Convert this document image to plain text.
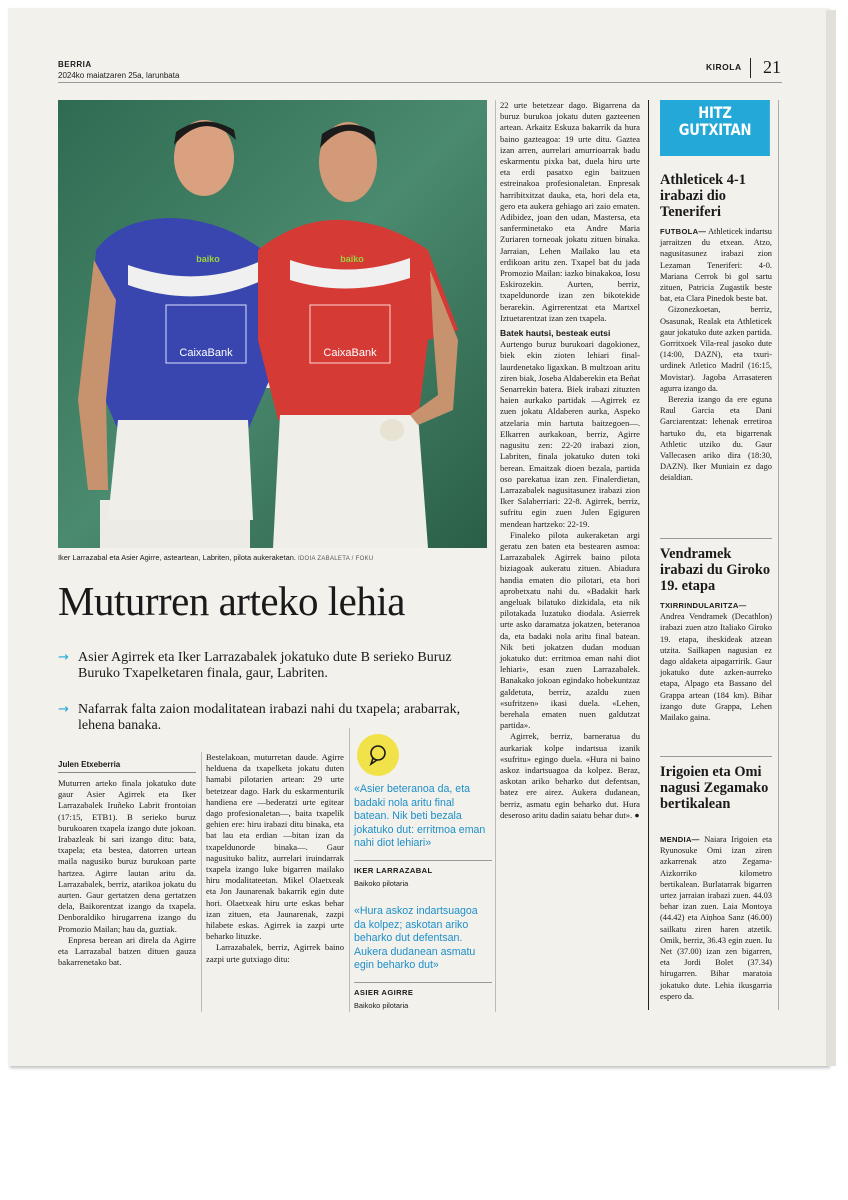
BERRIA
2024ko maiatzaren 25a, larunbata
KIROLA 21
CaixaBank
baiko
CaixaBank
baiko
Iker Larrazabal eta Asier Agirre, asteartean, Labriten, pilota aukeraketan. IDOIA ZABALETA / FOKU
Muturren arteko lehia
→ Asier Agirrek eta Iker Larrazabalek jokatuko dute B serieko Buruz Buruko Txapelketaren finala, gaur, Labriten.
→ Nafarrak falta zaion modalitatean irabazi nahi du txapela; arabarrak, lehena banaka.
Julen Etxeberria

Muturren arteko finala jokatuko dute gaur Asier Agirrek eta Iker Larrazabalek Iruñeko Labrit frontoian (17:15, ETB1). B serieko buruz burukoaren txapela izango dute jokoan. Irabazleak bi sari izango ditu: bata, txapela; eta bestea, datorren urtean maila nagusiko buruz burukoan parte hartzea. Agirre lautan aritu da. Larrazabalek, berriz, atarikoa jokatu du aurten. Gaur gertatzen dena gertatzen dela, Baikorentzat izango da txapela. Denboraldiko hirugarrena izango du Promozio Mailan; hau da, guztiak.

Enpresa berean ari direla da Agirre eta Larrazabal batzen dituen gauza bakarrenetako bat.

Bestelakoan, muturretan daude. Agirre helduena da txapelketa jokatu duten hamabi pilotarien artean: 29 urte betetzear dago. Hark du eskarmenturik handiena ere —bederatzi urte egitear dago profesionaletan—, baita txapelik gehien ere: hiru irabazi ditu binaka, eta bat lau eta erdian —bitan izan da txapeldunorde binaka—. Gaur nagusituko balitz, aurrelari iruindarrak txapela izango luke bigarren mailako hiru modalitateetan. Mikel Olaetxeak eta Jon Jaunarenak bakarrik egin dute hori. Olaetxeak hiru urte eskas behar izan zituen, eta Jaunarenak, zazpi hilabete eskas. Agirrek ia zazpi urte beharko lituzke.

Larrazabalek, berriz, Agirrek baino zazpi urte gutxiago ditu:

«Asier beteranoa da, eta badaki nola aritu final batean. Nik beti bezala jokatuko dut: erritmoa eman nahi diot lehiari»
IKER LARRAZABAL
Baikoko pilotaria
«Hura askoz indartsuagoa da kolpez; askotan ariko beharko dut defentsan. Aukera dudanean asmatu egin beharko dut»
ASIER AGIRRE
Baikoko pilotaria

22 urte betetzear dago. Bigarrena da buruz burukoa jokatu duten gazteenen artean. Arkaitz Eskuza bakarrik da hura baino gazteagoa: 19 urte ditu. Gaztea izan arren, aurrelari amurrioarrak badu eskarmentu pixka bat, duela hiru urte eta erdi pasatxo egin baitzuen estreinakoa profesionaletan. Enpresak harribitxitzat dauka, eta, hori dela eta, gero eta aukera gehiago ari zaio ematen. Adibidez, joan den udan, Mastersa, eta sanferminetako eta Andre Maria Zuriaren torneoak jokatu zituen binaka. Jarraian, Lehen Mailako lau eta erdikoan aritu zen. Txapel bat du jada Promozio Mailan: iazko binakakoa, Iosu Eskirozekin. Aurten, berriz, txapeldunorde izan zen bikotekide berarekin. Agirrerentzat eta Martxel Iztuetarentzat izan zen txapela.

Batek hautsi, besteak eutsi

Aurtengo buruz burukoari dagokionez, biek ekin zioten lehiari final-laurdenetako ligaxkan. B multzoan aritu ziren biak, Joseba Aldaberekin eta Beñat Senarrekin batera. Biek irabazi zituzten haien aurkako partidak —Agirrek ez zuen jokatu Aldaberen aurka, Aspeko atzelaria min hartuta baitzegoen—. Elkarren aurkakoan, berriz, Agirre nagusitu zen: 22-20 irabazi zion, Labriten, finala jokatuko duten toki berean. Emaitzak dioen bezala, partida oso parekatua izan zen. Finalerdietan, Larrazabalek nagusitasunez irabazi zion Iker Salaberriari: 22-8. Agirrek, berriz, sufritu egin zuen Julen Egiguren mendean hartzeko: 22-19.

Finaleko pilota aukeraketan argi geratu zen baten eta bestearen asmoa: Larrazabalek Agirrek baino pilota biziagoak aukeratu zituen. Abiadura handia ematen dio pilotari, eta hori aprobetxatu nahi du. «Badakit hark angeluak bilatuko dizkidala, eta nik pilotakada luzatuko diodala. Asierrek urte asko daramatza jokatzen, beteranoa da, eta badaki nola aritu final batean. Nik beti jokatzen dudan moduan jokatuko dut: erritmoa eman nahi diot lehiari», esan zuen Larrazabalek. Banakako jokoan egindako hobekuntzaz galdetuta, berriz, azaldu zuen «sufritzen» ikasi duela. «Lehen, berehala ematen nuen galdutzat partida».

Agirrek, berriz, barneratua du aurkariak kolpe indartsua izanik «sufritu» egingo duela. «Hura ni baino askoz indartsuagoa da kolpez. Beraz, askotan ariko beharko dut defentsan, batez ere airez. Aukera dudanean, berriz, asmatu egin beharko dut. Hura deseroso aritu dadin saiatu behar dut». ●

HITZ
GUTXITAN
Athleticek 4-1 irabazi dio Teneriferi

FUTBOLA— Athleticek indartsu jarraitzen du etxean. Atzo, nagusitasunez irabazi zion Lezaman Teneriferi: 4-0. Mariana Cerrok bi gol sartu zituen, Patricia Zugastik beste bat, eta Clara Pinedok beste bat.

Gizonezkoetan, berriz, Osasunak, Realak eta Athleticek gaur jokatuko dute azken partida. Gorritxoek Vila-real jasoko dute (14:00, DAZN), eta txuri-urdinek Atletico Madril (16:15, Movistar). Jagoba Arrasateren agurra izango da.

Berezia izango da ere eguna Raul Garcia eta Dani Garciarentzat: lehenak erretiroa hartuko du, eta bigarrenak Athletic utziko du. Gaur Vallecasen ariko dira (18:30, DAZN). Iker Muniain ez dago deialdian.

Vendramek irabazi du Giroko 19. etapa

TXIRRINDULARITZA— Andrea Vendramek (Decathlon) irabazi zuen atzo Italiako Giroko 19. etapa, iheskideak atzean utzita. Sailkapen nagusian ez dago aldaketa aipagarririk. Gaur jokatuko dute azken-aurreko etapa, Alpago eta Bassano del Grappa artean (184 km). Bihar izango dute Grappa, Lehen Mailako gaina.

Irigoien eta Omi nagusi Zegamako bertikalean

MENDIA— Naiara Irigoien eta Ryunosuke Omi izan ziren azkarrenak atzo Zegama-Aizkorriko kilometro bertikalean. Burlatarrak bigarren urtez jarraian irabazi zuen. 44.03 behar izan zuen. Laia Montoya (44.42) eta Aiņhoa Sanz (46.00) sailkatu ziren haren atzetik. Omik, berriz, 36.43 egin zuen. Iu Net (37.00) izan zen bigarren, eta Jordi Bolet (37.34) hirugarren. Bihar maratoia jokatuko dute. Lehia ikusgarria espero da.
